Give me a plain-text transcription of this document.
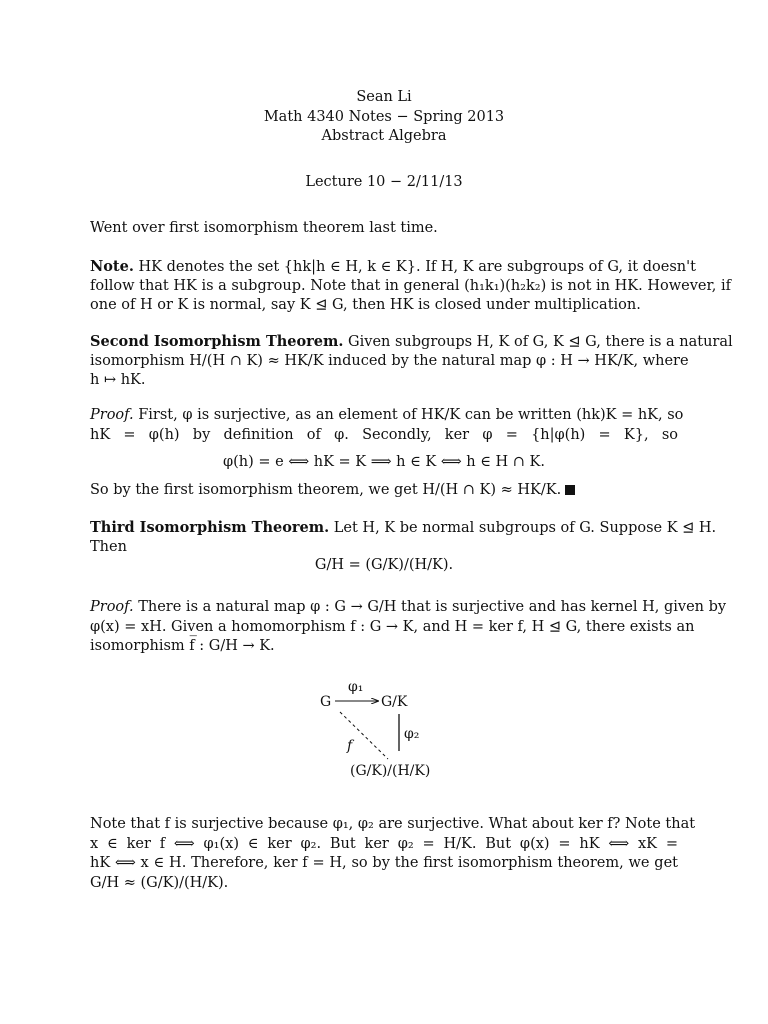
Sean Li
Math 4340 Notes − Spring 2013
Abstract Algebra
Lecture 10 − 2/11/13
Went over first isomorphism theorem last time.
Note. HK denotes the set {hk|h ∈ H, k ∈ K}. If H, K are subgroups of G, it doesn't
follow that HK is a subgroup. Note that in general (h₁k₁)(h₂k₂) is not in HK. However, if
one of H or K is normal, say K ⊴ G, then HK is closed under multiplication.
Second Isomorphism Theorem. Given subgroups H, K of G, K ⊴ G, there is a natural
isomorphism H/(H ∩ K) ≈ HK/K induced by the natural map φ : H → HK/K, where
h ↦ hK.
Proof. First, φ is surjective, as an element of HK/K can be written (hk)K = hK, so
hK = φ(h) by definition of φ. Secondly, ker φ = {h|φ(h) = K}, so
φ(h) = e ⟺ hK = K ⟹ h ∈ K ⟺ h ∈ H ∩ K.
So by the first isomorphism theorem, we get H/(H ∩ K) ≈ HK/K.
Third Isomorphism Theorem. Let H, K be normal subgroups of G. Suppose K ⊴ H.
Then
G/H = (G/K)/(H/K).
Proof. There is a natural map φ : G → G/H that is surjective and has kernel H, given by
φ(x) = xH. Given a homomorphism f : G → K, and H = ker f, H ⊴ G, there exists an
isomorphism f̅ : G/H → K.
G	G/K
φ₁
φ₂
f
(G/K)/(H/K)
Note that f is surjective because φ₁, φ₂ are surjective. What about ker f? Note that
x ∈ ker f ⟺ φ₁(x) ∈ ker φ₂. But ker φ₂ = H/K. But φ(x) = hK ⟺ xK =
hK ⟺ x ∈ H. Therefore, ker f = H, so by the first isomorphism theorem, we get
G/H ≈ (G/K)/(H/K).
